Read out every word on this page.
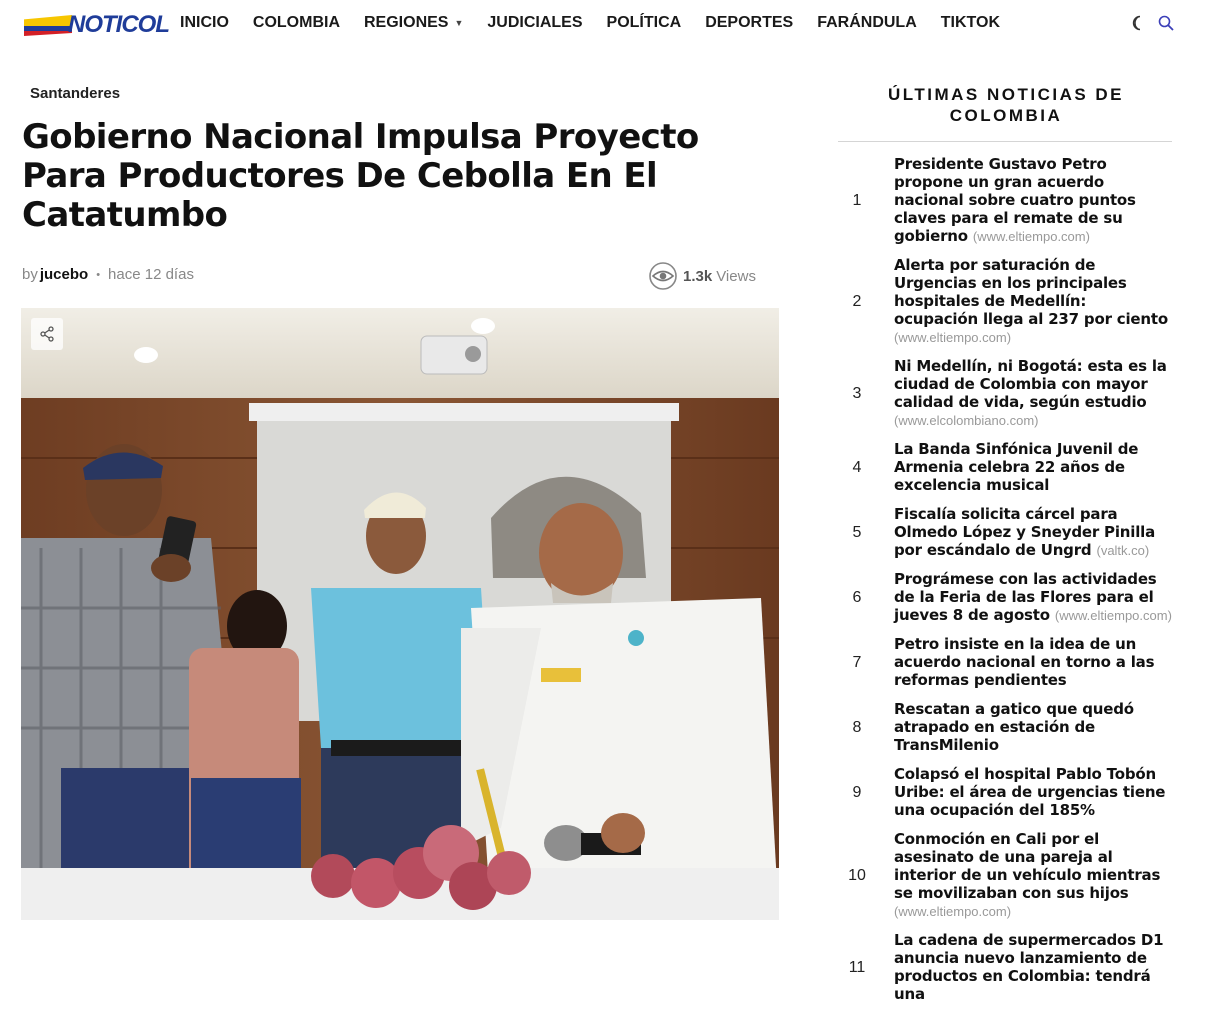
NOTICOL INICIO COLOMBIA REGIONES ▼ JUDICIALES POLÍTICA DEPORTES FARÁNDULA TIKTOK
Santanderes
Gobierno Nacional Impulsa Proyecto Para Productores De Cebolla En El Catatumbo
by jucebo • hace 12 días	1.3k Views
ÚLTIMAS NOTICIAS DE COLOMBIA
1
Presidente Gustavo Petro propone un gran acuerdo nacional sobre cuatro puntos claves para el remate de su gobierno (www.eltiempo.com)
2
Alerta por saturación de Urgencias en los principales hospitales de Medellín: ocupación llega al 237 por ciento (www.eltiempo.com)
3
Ni Medellín, ni Bogotá: esta es la ciudad de Colombia con mayor calidad de vida, según estudio (www.elcolombiano.com)
4
La Banda Sinfónica Juvenil de Armenia celebra 22 años de excelencia musical
5
Fiscalía solicita cárcel para Olmedo López y Sneyder Pinilla por escándalo de Ungrd (valtk.co)
6
Prográmese con las actividades de la Feria de las Flores para el jueves 8 de agosto (www.eltiempo.com)
7
Petro insiste en la idea de un acuerdo nacional en torno a las reformas pendientes
8
Rescatan a gatico que quedó atrapado en estación de TransMilenio
9
Colapsó el hospital Pablo Tobón Uribe: el área de urgencias tiene una ocupación del 185%
10
Conmoción en Cali por el asesinato de una pareja al interior de un vehículo mientras se movilizaban con sus hijos (www.eltiempo.com)
11
La cadena de supermercados D1 anuncia nuevo lanzamiento de productos en Colombia: tendrá una
